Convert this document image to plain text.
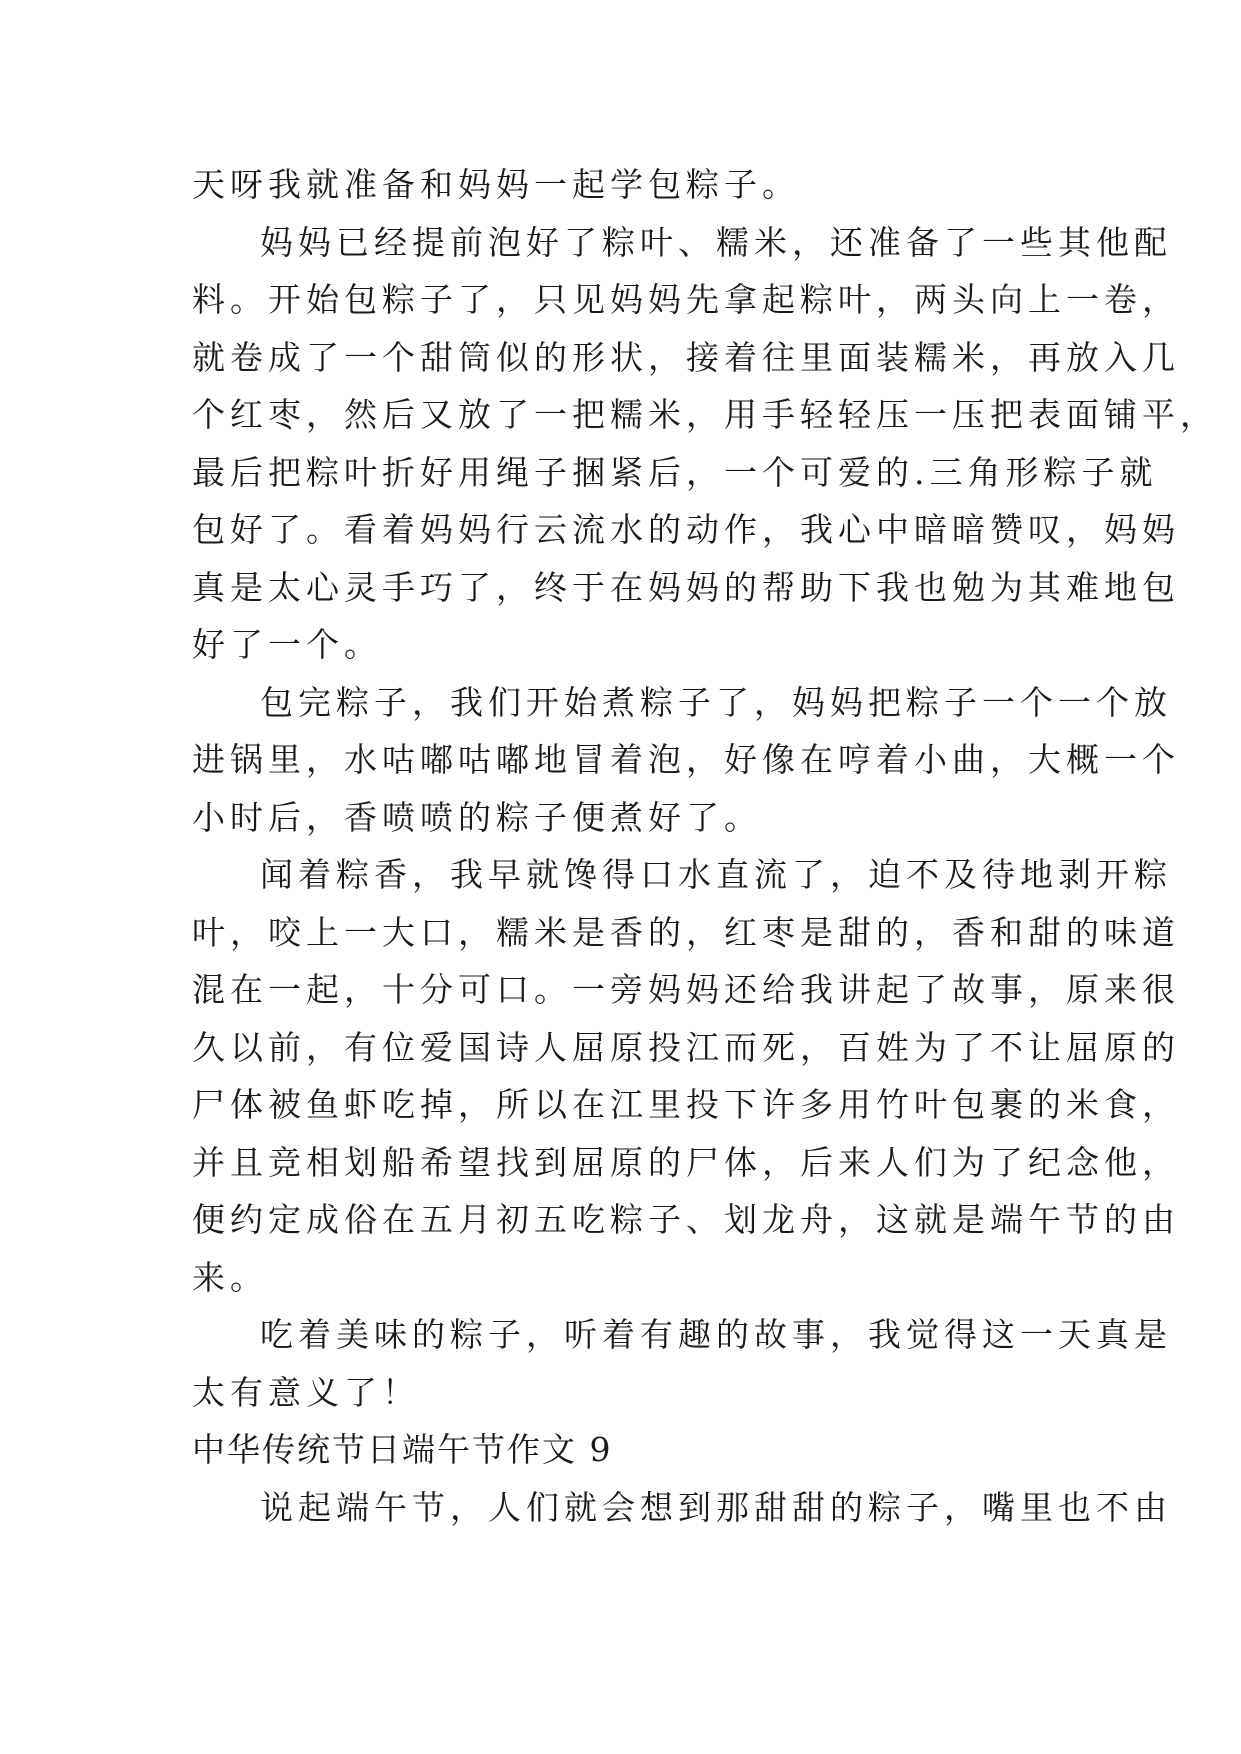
天呀我就准备和妈妈一起学包粽子。
妈妈已经提前泡好了粽叶、糯米，还准备了一些其他配
料。开始包粽子了，只见妈妈先拿起粽叶，两头向上一卷，
就卷成了一个甜筒似的形状，接着往里面装糯米，再放入几
个红枣，然后又放了一把糯米，用手轻轻压一压把表面铺平，
最后把粽叶折好用绳子捆紧后，一个可爱的.三角形粽子就
包好了。看着妈妈行云流水的动作，我心中暗暗赞叹，妈妈
真是太心灵手巧了，终于在妈妈的帮助下我也勉为其难地包
好了一个。
包完粽子，我们开始煮粽子了，妈妈把粽子一个一个放
进锅里，水咕嘟咕嘟地冒着泡，好像在哼着小曲，大概一个
小时后，香喷喷的粽子便煮好了。
闻着粽香，我早就馋得口水直流了，迫不及待地剥开粽
叶，咬上一大口，糯米是香的，红枣是甜的，香和甜的味道
混在一起，十分可口。一旁妈妈还给我讲起了故事，原来很
久以前，有位爱国诗人屈原投江而死，百姓为了不让屈原的
尸体被鱼虾吃掉，所以在江里投下许多用竹叶包裹的米食，
并且竞相划船希望找到屈原的尸体，后来人们为了纪念他，
便约定成俗在五月初五吃粽子、划龙舟，这就是端午节的由
来。
吃着美味的粽子，听着有趣的故事，我觉得这一天真是
太有意义了！
中华传统节日端午节作文 9
说起端午节，人们就会想到那甜甜的粽子，嘴里也不由
